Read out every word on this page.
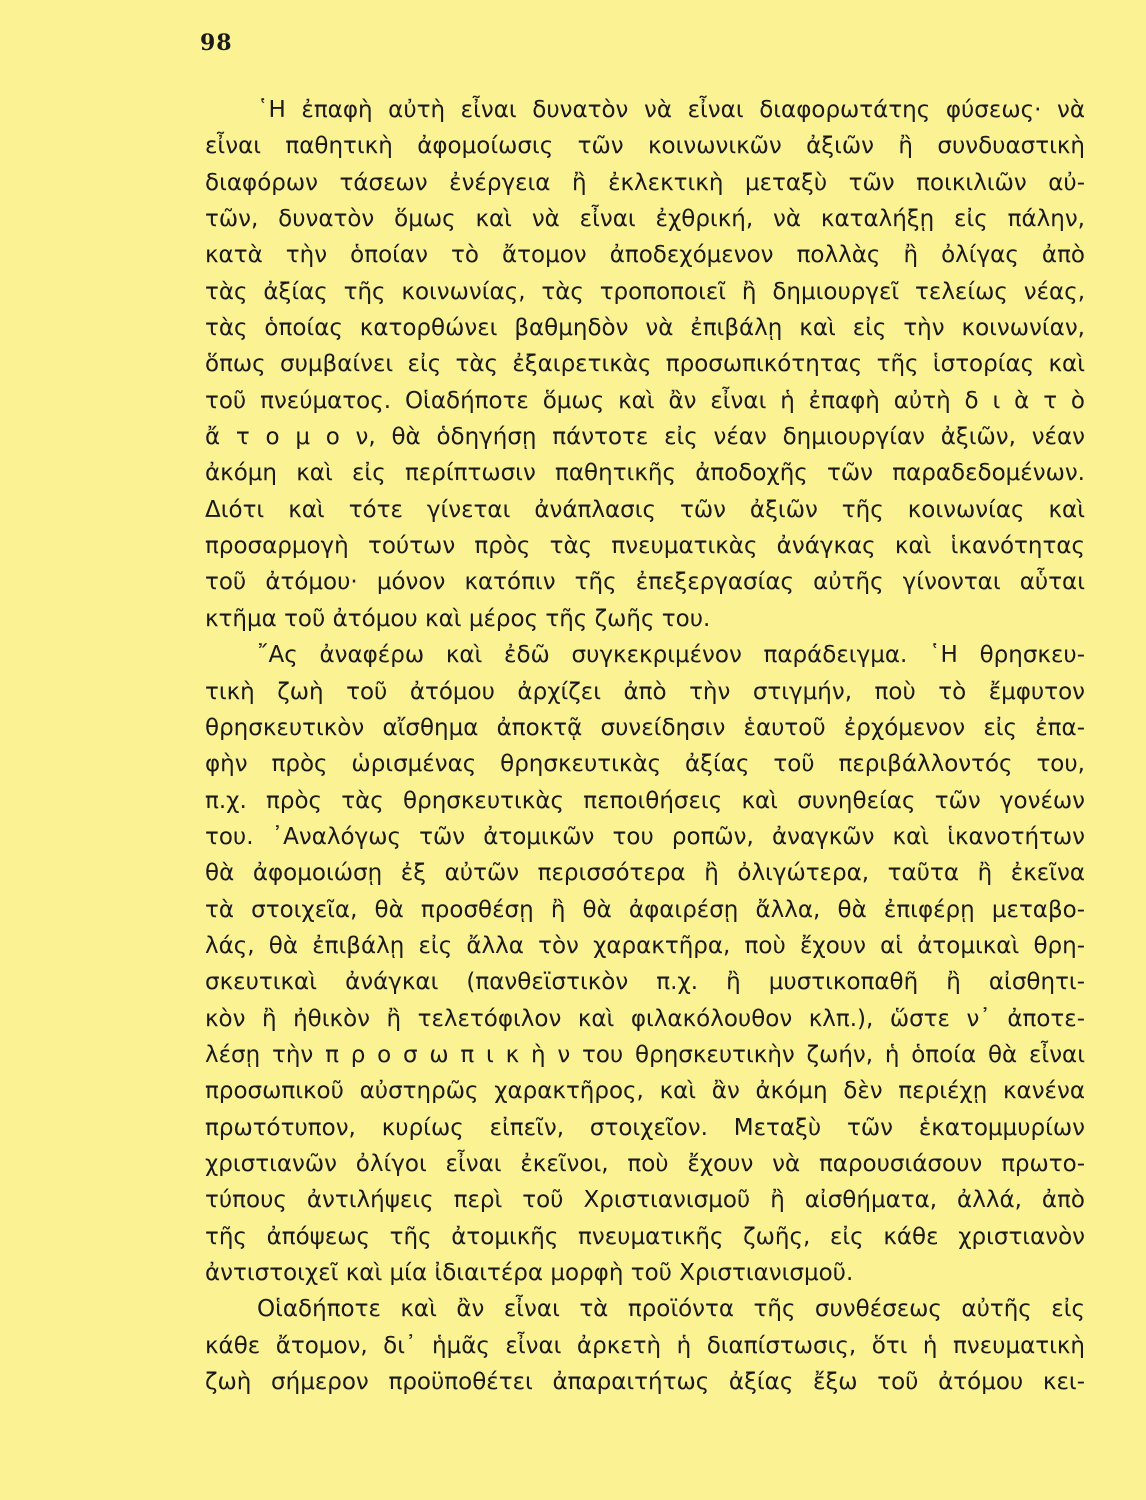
98
῾Η ἐπαφὴ αὐτὴ εἶναι δυνατὸν νὰ εἶναι διαφορωτάτης φύσεως· νὰ
εἶναι παθητικὴ ἀφομοίωσις τῶν κοινωνικῶν ἀξιῶν ἢ συνδυαστικὴ
διαφόρων τάσεων ἐνέργεια ἢ ἐκλεκτικὴ μεταξὺ τῶν ποικιλιῶν αὐ-
τῶν, δυνατὸν ὅμως καὶ νὰ εἶναι ἐχθρική, νὰ καταλήξῃ εἰς πάλην,
κατὰ τὴν ὁποίαν τὸ ἄτομον ἀποδεχόμενον πολλὰς ἢ ὀλίγας ἀπὸ
τὰς ἀξίας τῆς κοινωνίας, τὰς τροποποιεῖ ἢ δημιουργεῖ τελείως νέας,
τὰς ὁποίας κατορθώνει βαθμηδὸν νὰ ἐπιβάλῃ καὶ εἰς τὴν κοινωνίαν,
ὅπως συμβαίνει εἰς τὰς ἐξαιρετικὰς προσωπικότητας τῆς ἱστορίας καὶ
τοῦ πνεύματος. Οἱαδήποτε ὅμως καὶ ἂν εἶναι ἡ ἐπαφὴ αὐτὴ δ ι ὰ τ ὸ
ἄ τ ο μ ο ν, θὰ ὁδηγήσῃ πάντοτε εἰς νέαν δημιουργίαν ἀξιῶν, νέαν
ἀκόμη καὶ εἰς περίπτωσιν παθητικῆς ἀποδοχῆς τῶν παραδεδομένων.
Διότι καὶ τότε γίνεται ἀνάπλασις τῶν ἀξιῶν τῆς κοινωνίας καὶ
προσαρμογὴ τούτων πρὸς τὰς πνευματικὰς ἀνάγκας καὶ ἱκανότητας
τοῦ ἀτόμου· μόνον κατόπιν τῆς ἐπεξεργασίας αὐτῆς γίνονται αὗται
κτῆμα τοῦ ἀτόμου καὶ μέρος τῆς ζωῆς του.
῎Ας ἀναφέρω καὶ ἐδῶ συγκεκριμένον παράδειγμα. ῾Η θρησκευ-
τικὴ ζωὴ τοῦ ἀτόμου ἀρχίζει ἀπὸ τὴν στιγμήν, ποὺ τὸ ἔμφυτον
θρησκευτικὸν αἴσθημα ἀποκτᾷ συνείδησιν ἑαυτοῦ ἐρχόμενον εἰς ἐπα-
φὴν πρὸς ὡρισμένας θρησκευτικὰς ἀξίας τοῦ περιβάλλοντός του,
π.χ. πρὸς τὰς θρησκευτικὰς πεποιθήσεις καὶ συνηθείας τῶν γονέων
του. ᾿Αναλόγως τῶν ἀτομικῶν του ροπῶν, ἀναγκῶν καὶ ἱκανοτήτων
θὰ ἀφομοιώσῃ ἐξ αὐτῶν περισσότερα ἢ ὀλιγώτερα, ταῦτα ἢ ἐκεῖνα
τὰ στοιχεῖα, θὰ προσθέσῃ ἢ θὰ ἀφαιρέσῃ ἄλλα, θὰ ἐπιφέρῃ μεταβο-
λάς, θὰ ἐπιβάλῃ εἰς ἄλλα τὸν χαρακτῆρα, ποὺ ἔχουν αἱ ἀτομικαὶ θρη-
σκευτικαὶ ἀνάγκαι (πανθεϊστικὸν π.χ. ἢ μυστικοπαθῆ ἢ αἰσθητι-
κὸν ἢ ἠθικὸν ἢ τελετόφιλον καὶ φιλακόλουθον κλπ.), ὥστε ν᾿ ἀποτε-
λέσῃ τὴν π ρ ο σ ω π ι κ ὴ ν του θρησκευτικὴν ζωήν, ἡ ὁποία θὰ εἶναι
προσωπικοῦ αὐστηρῶς χαρακτῆρος, καὶ ἂν ἀκόμη δὲν περιέχῃ κανένα
πρωτότυπον, κυρίως εἰπεῖν, στοιχεῖον. Μεταξὺ τῶν ἑκατομμυρίων
χριστιανῶν ὀλίγοι εἶναι ἐκεῖνοι, ποὺ ἔχουν νὰ παρουσιάσουν πρωτο-
τύπους ἀντιλήψεις περὶ τοῦ Χριστιανισμοῦ ἢ αἰσθήματα, ἀλλά, ἀπὸ
τῆς ἀπόψεως τῆς ἀτομικῆς πνευματικῆς ζωῆς, εἰς κάθε χριστιανὸν
ἀντιστοιχεῖ καὶ μία ἰδιαιτέρα μορφὴ τοῦ Χριστιανισμοῦ.
Οἱαδήποτε καὶ ἂν εἶναι τὰ προϊόντα τῆς συνθέσεως αὐτῆς εἰς
κάθε ἄτομον, δι᾿ ἡμᾶς εἶναι ἀρκετὴ ἡ διαπίστωσις, ὅτι ἡ πνευματικὴ
ζωὴ σήμερον προϋποθέτει ἀπαραιτήτως ἀξίας ἔξω τοῦ ἀτόμου κει-
